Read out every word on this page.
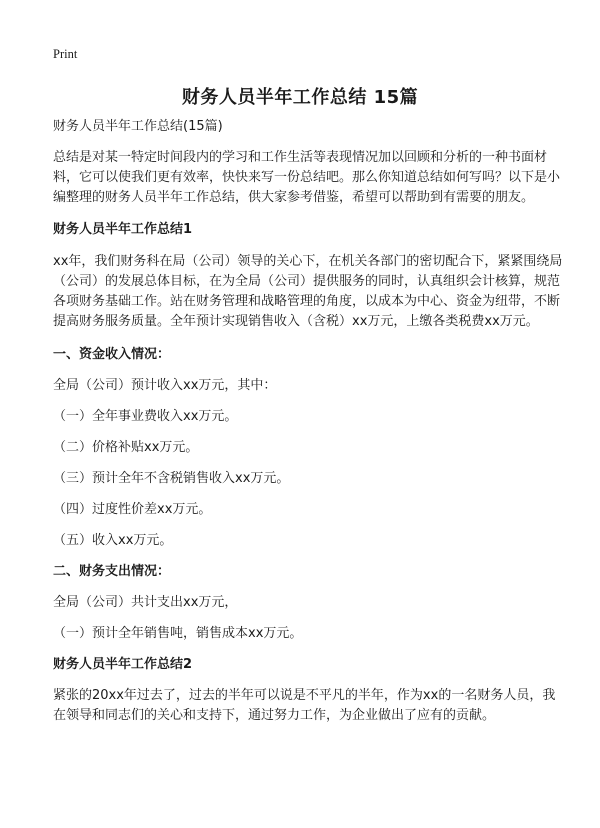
Print
财务人员半年工作总结 15篇

财务人员半年工作总结(15篇)

总结是对某一特定时间段内的学习和工作生活等表现情况加以回顾和分析的一种书面材料，它可以使我们更有效率，快快来写一份总结吧。那么你知道总结如何写吗？以下是小编整理的财务人员半年工作总结，供大家参考借鉴，希望可以帮助到有需要的朋友。

财务人员半年工作总结1

xx年，我们财务科在局（公司）领导的关心下，在机关各部门的密切配合下，紧紧围绕局（公司）的发展总体目标，在为全局（公司）提供服务的同时，认真组织会计核算，规范各项财务基础工作。站在财务管理和战略管理的角度，以成本为中心、资金为纽带，不断提高财务服务质量。全年预计实现销售收入（含税）xx万元，上缴各类税费xx万元。

一、资金收入情况：

全局（公司）预计收入xx万元，其中：

（一）全年事业费收入xx万元。

（二）价格补贴xx万元。

（三）预计全年不含税销售收入xx万元。

（四）过度性价差xx万元。

（五）收入xx万元。

二、财务支出情况：

全局（公司）共计支出xx万元，

（一）预计全年销售吨，销售成本xx万元。

财务人员半年工作总结2

紧张的20xx年过去了，过去的半年可以说是不平凡的半年，作为xx的一名财务人员，我在领导和同志们的关心和支持下，通过努力工作，为企业做出了应有的贡献。
